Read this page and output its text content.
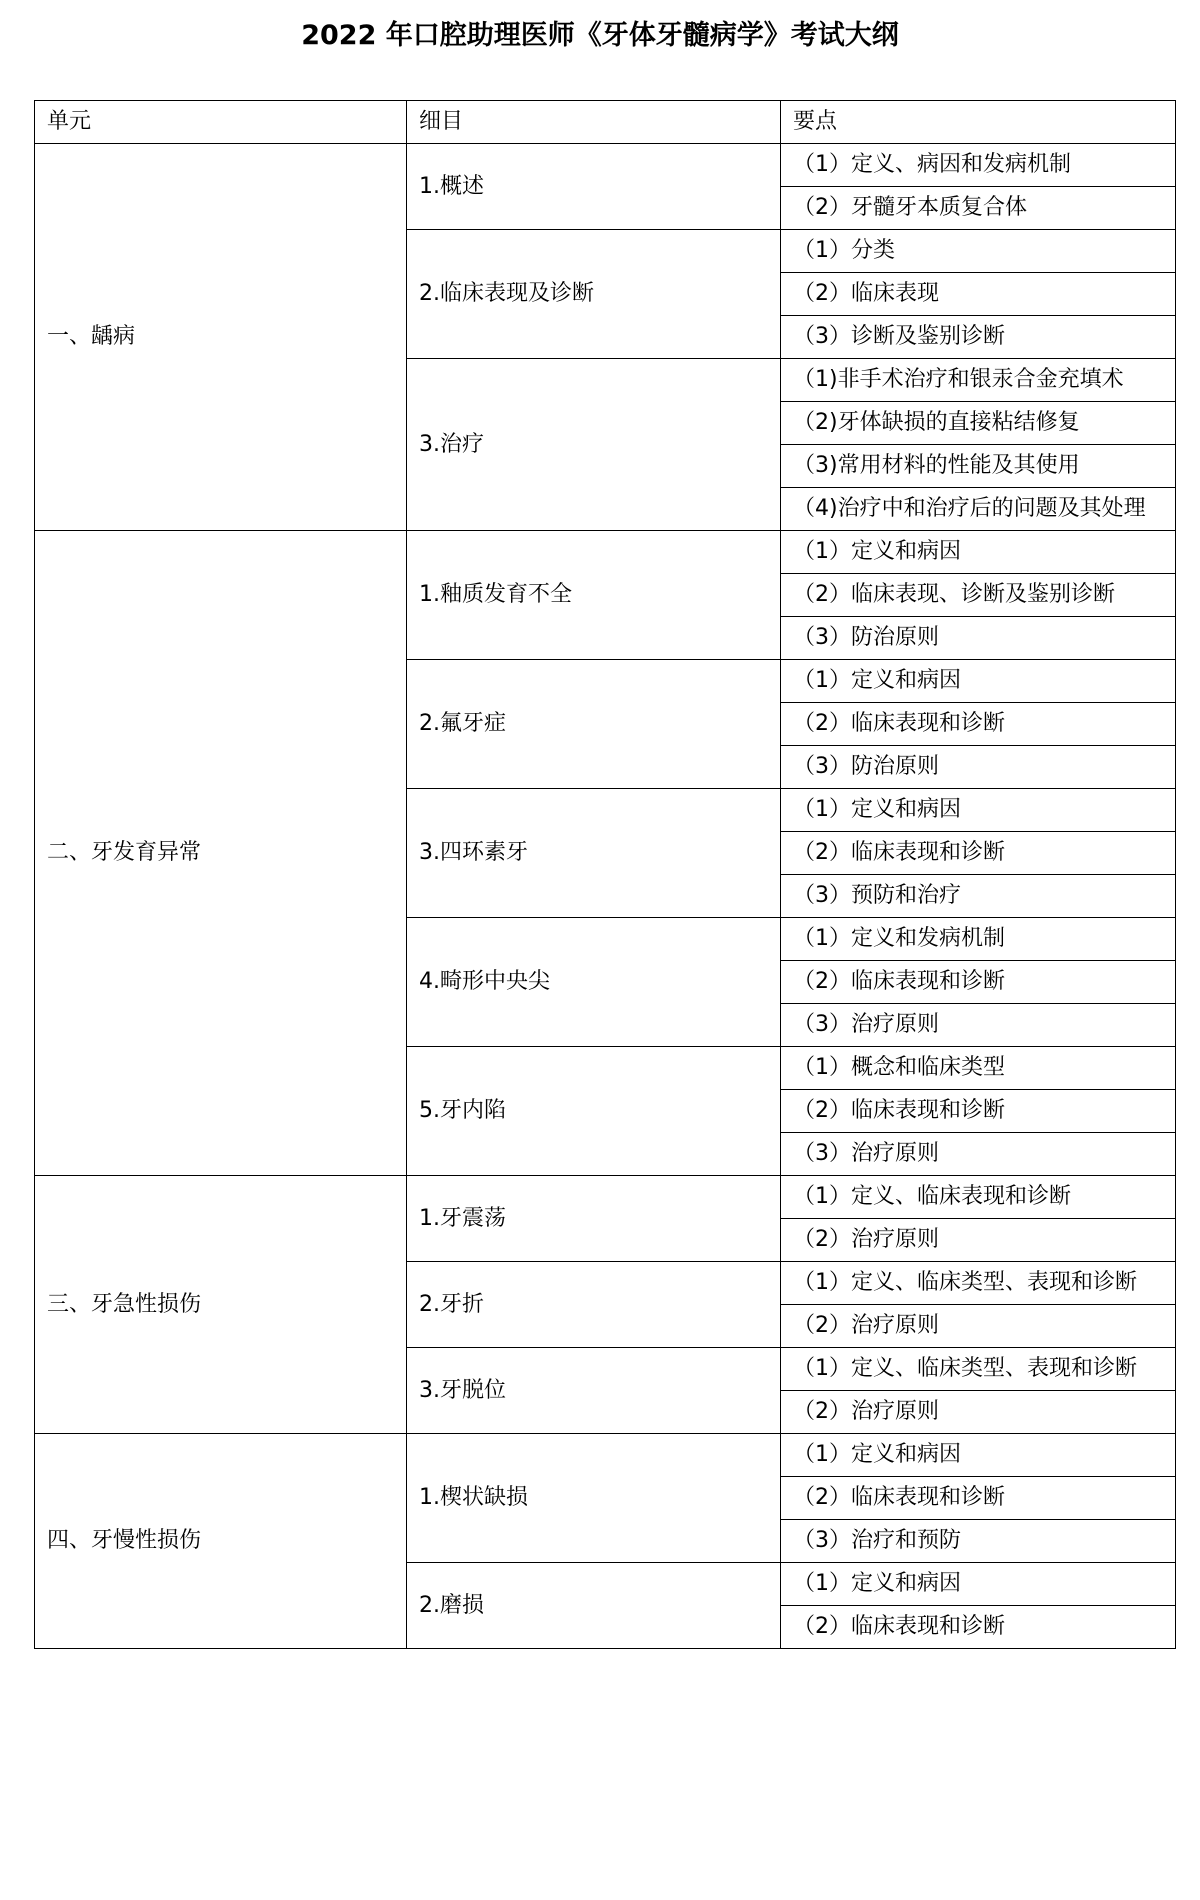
2022 年口腔助理医师《牙体牙髓病学》考试大纲
单元	细目	要点
一、龋病	1.概述	（1）定义、病因和发病机制
		（2）牙髓牙本质复合体
	2.临床表现及诊断	（1）分类
		（2）临床表现
		（3）诊断及鉴别诊断
	3.治疗	（1)非手术治疗和银汞合金充填术
		（2)牙体缺损的直接粘结修复
		（3)常用材料的性能及其使用
		（4)治疗中和治疗后的问题及其处理
二、牙发育异常	1.釉质发育不全	（1）定义和病因
		（2）临床表现、诊断及鉴别诊断
		（3）防治原则
	2.氟牙症	（1）定义和病因
		（2）临床表现和诊断
		（3）防治原则
	3.四环素牙	（1）定义和病因
		（2）临床表现和诊断
		（3）预防和治疗
	4.畸形中央尖	（1）定义和发病机制
		（2）临床表现和诊断
		（3）治疗原则
	5.牙内陷	（1）概念和临床类型
		（2）临床表现和诊断
		（3）治疗原则
三、牙急性损伤	1.牙震荡	（1）定义、临床表现和诊断
		（2）治疗原则
	2.牙折	（1）定义、临床类型、表现和诊断
		（2）治疗原则
	3.牙脱位	（1）定义、临床类型、表现和诊断
		（2）治疗原则
四、牙慢性损伤	1.楔状缺损	（1）定义和病因
		（2）临床表现和诊断
		（3）治疗和预防
	2.磨损	（1）定义和病因
		（2）临床表现和诊断
